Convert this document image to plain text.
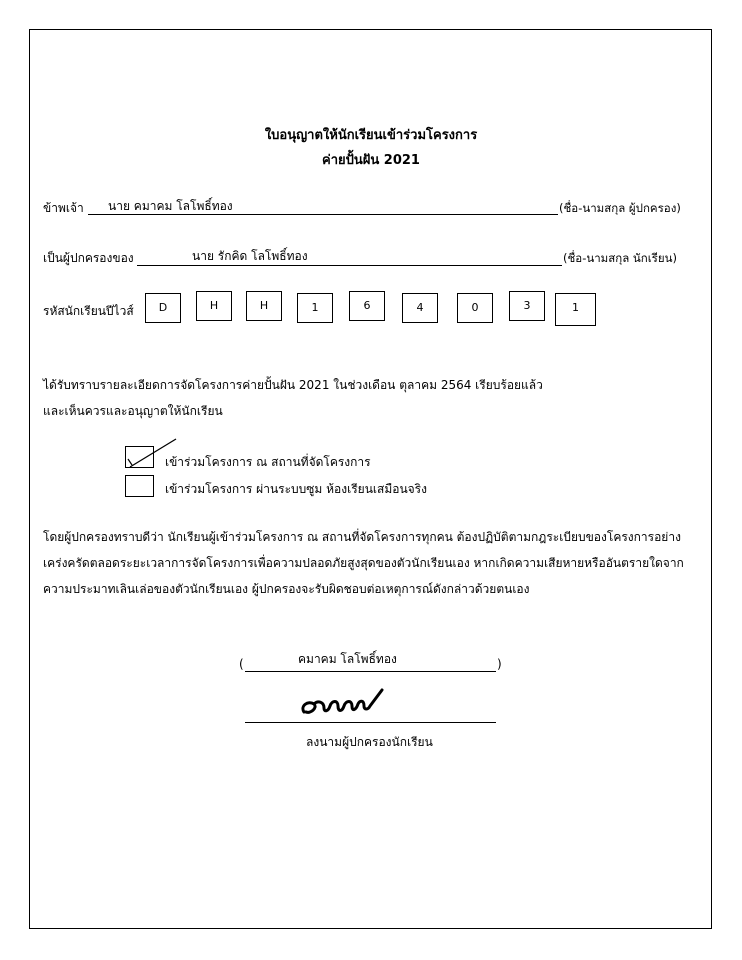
ใบอนุญาตให้นักเรียนเข้าร่วมโครงการ
ค่ายปั้นฝัน 2021
ข้าพเจ้า นาย คมาคม โลโพธิ์ทอง	(ชื่อ-นามสกุล ผู้ปกครอง)
เป็นผู้ปกครองของ	นาย รักคิด โลโพธิ์ทอง	(ชื่อ-นามสกุล นักเรียน)
รหัสนักเรียนปีไวส์	D	H	H	1	6	4	0	3	1
ได้รับทราบรายละเอียดการจัดโครงการค่ายปั้นฝัน 2021 ในช่วงเดือน ตุลาคม 2564 เรียบร้อยแล้ว
และเห็นควรและอนุญาตให้นักเรียน
เข้าร่วมโครงการ ณ สถานที่จัดโครงการ
เข้าร่วมโครงการ ผ่านระบบซูม ห้องเรียนเสมือนจริง
โดยผู้ปกครองทราบดีว่า นักเรียนผู้เข้าร่วมโครงการ ณ สถานที่จัดโครงการทุกคน ต้องปฏิบัติตามกฎระเบียบของโครงการอย่าง
เคร่งครัดตลอดระยะเวลาการจัดโครงการเพื่อความปลอดภัยสูงสุดของตัวนักเรียนเอง หากเกิดความเสียหายหรืออันตรายใดจาก
ความประมาทเลินเล่อของตัวนักเรียนเอง ผู้ปกครองจะรับผิดชอบต่อเหตุการณ์ดังกล่าวด้วยตนเอง
(	คมาคม โลโพธิ์ทอง	)
ลงนามผู้ปกครองนักเรียน
